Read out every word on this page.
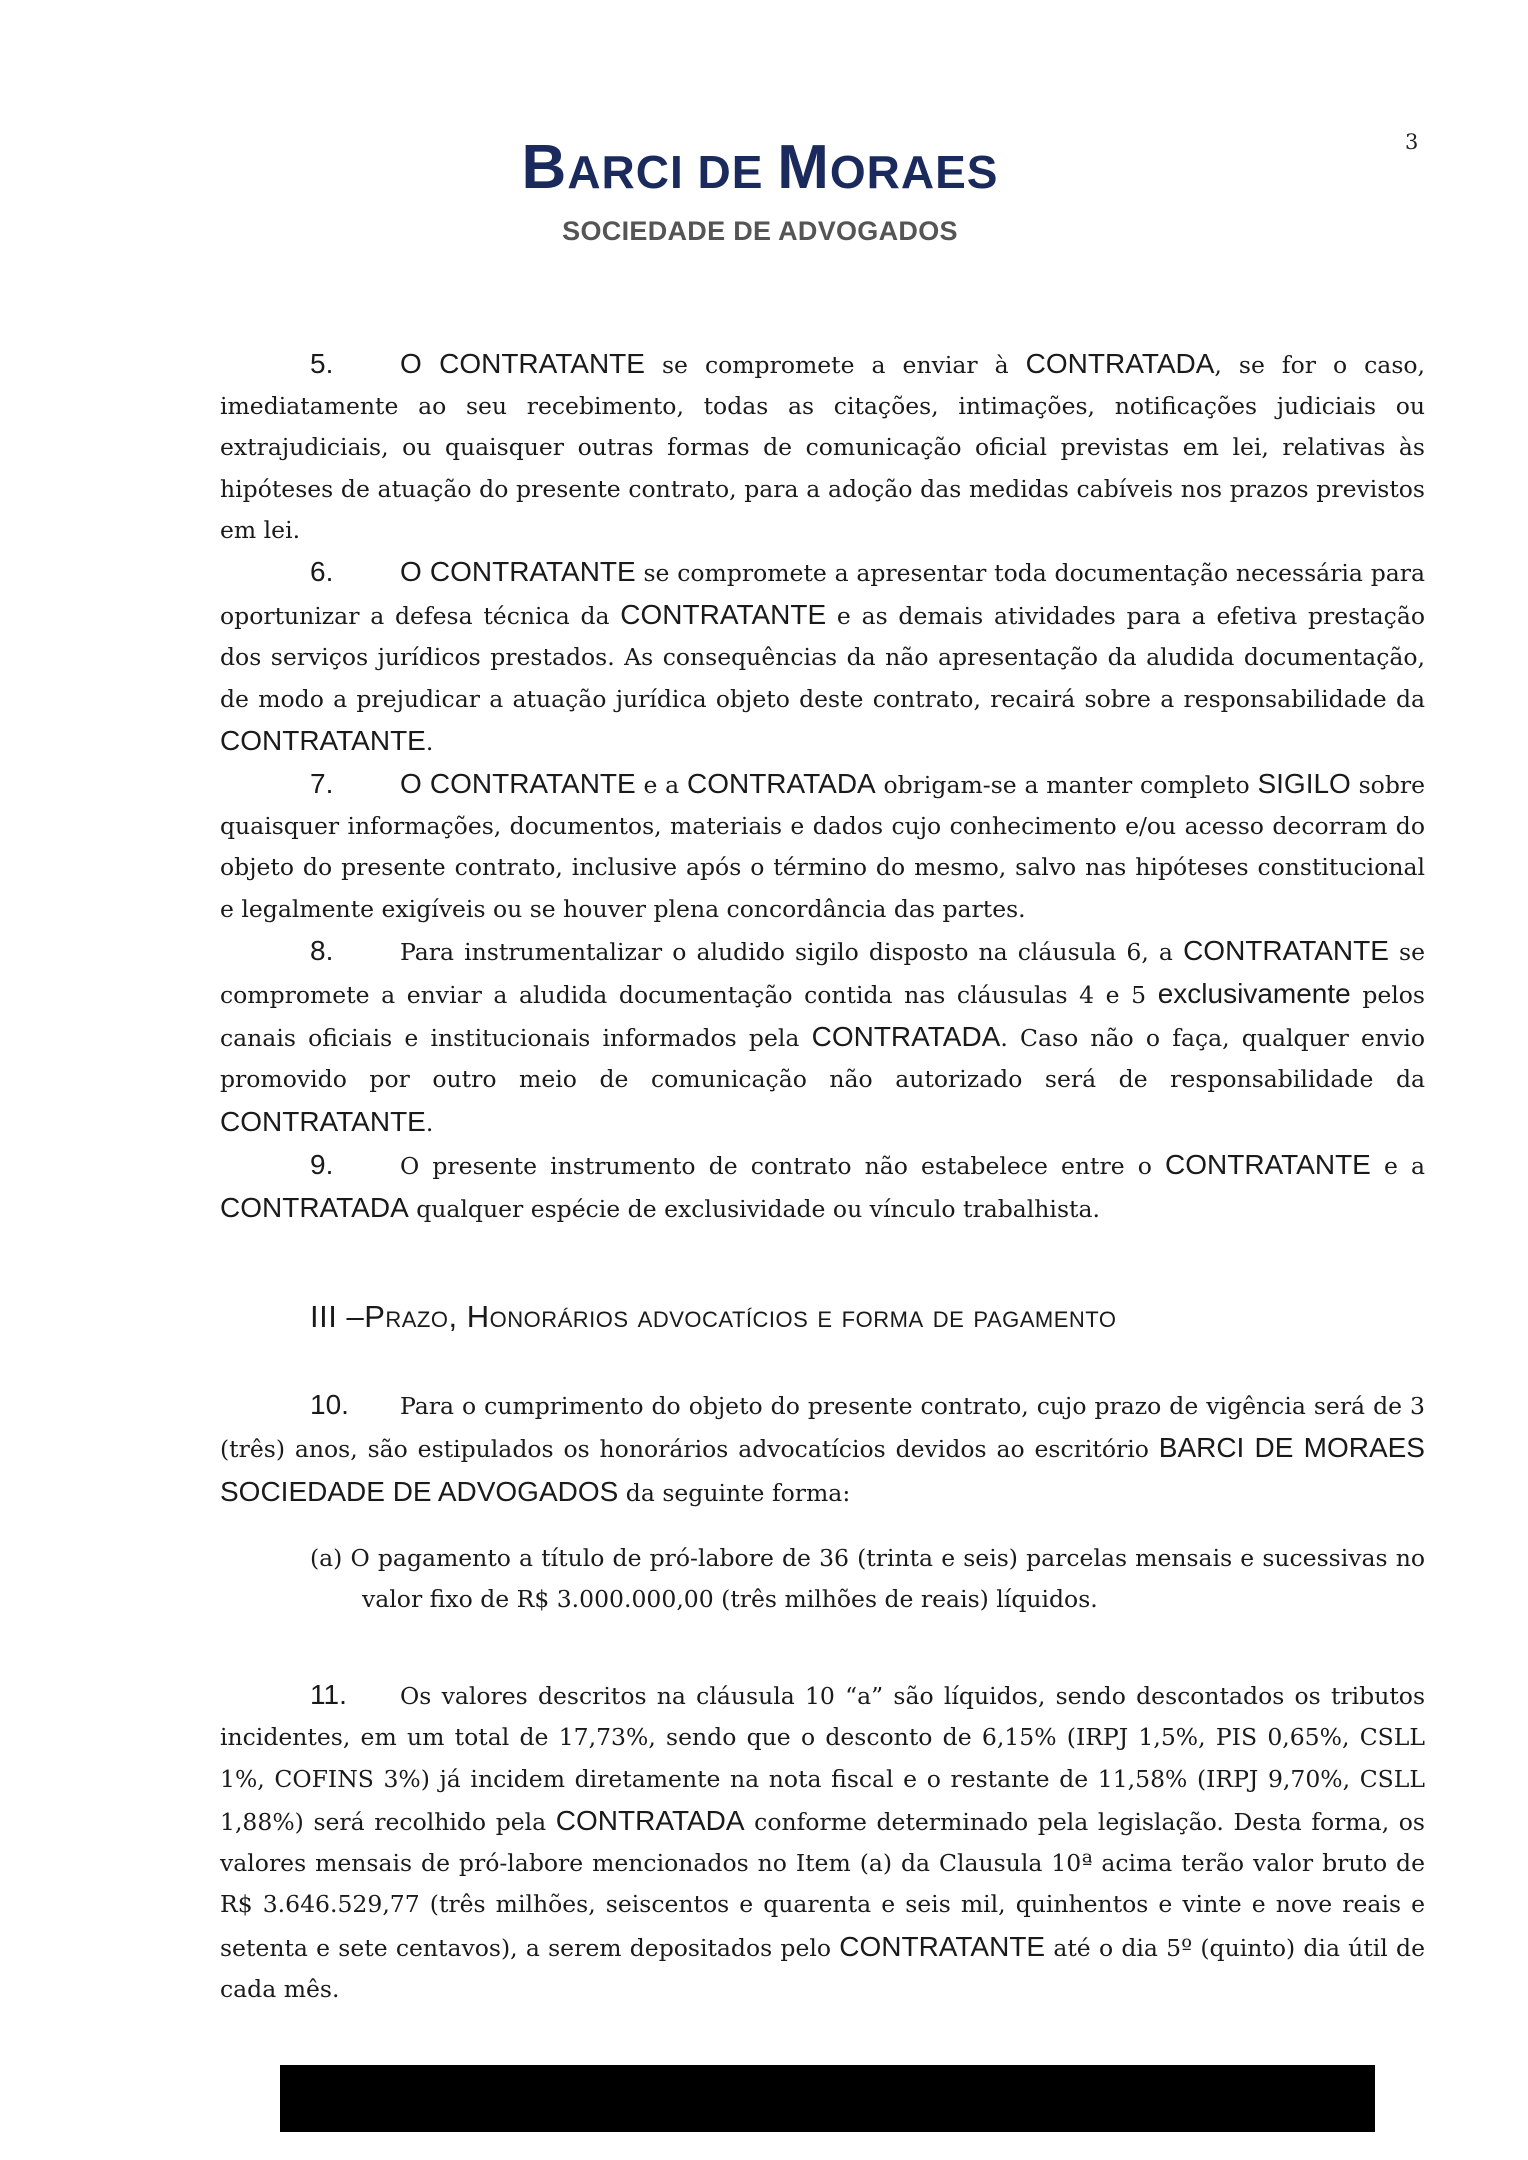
3
BARCI DE MORAES
SOCIEDADE DE ADVOGADOS

5. O CONTRATANTE se compromete a enviar à CONTRATADA, se for o caso, imediatamente ao seu recebimento, todas as citações, intimações, notificações judiciais ou extrajudiciais, ou quaisquer outras formas de comunicação oficial previstas em lei, relativas às hipóteses de atuação do presente contrato, para a adoção das medidas cabíveis nos prazos previstos em lei.

6. O CONTRATANTE se compromete a apresentar toda documentação necessária para oportunizar a defesa técnica da CONTRATANTE e as demais atividades para a efetiva prestação dos serviços jurídicos prestados. As consequências da não apresentação da aludida documentação, de modo a prejudicar a atuação jurídica objeto deste contrato, recairá sobre a responsabilidade da CONTRATANTE.

7. O CONTRATANTE e a CONTRATADA obrigam-se a manter completo SIGILO sobre quaisquer informações, documentos, materiais e dados cujo conhecimento e/ou acesso decorram do objeto do presente contrato, inclusive após o término do mesmo, salvo nas hipóteses constitucional e legalmente exigíveis ou se houver plena concordância das partes.

8.	Para instrumentalizar o aludido sigilo disposto na cláusula 6, a CONTRATANTE se compromete a enviar a aludida documentação contida nas cláusulas 4 e 5 exclusivamente pelos canais oficiais e institucionais informados pela CONTRATADA. Caso não o faça, qualquer envio promovido por outro meio de comunicação não autorizado será de responsabilidade da CONTRATANTE.

9.	O presente instrumento de contrato não estabelece entre o CONTRATANTE e a CONTRATADA qualquer espécie de exclusividade ou vínculo trabalhista.

III –Prazo, Honorários advocatícios e forma de pagamento

10. Para o cumprimento do objeto do presente contrato, cujo prazo de vigência será de 3 (três) anos, são estipulados os honorários advocatícios devidos ao escritório BARCI DE MORAES SOCIEDADE DE ADVOGADOS da seguinte forma:

(a) O pagamento a título de pró-labore de 36 (trinta e seis) parcelas mensais e sucessivas no valor fixo de R$ 3.000.000,00 (três milhões de reais) líquidos.

11. Os valores descritos na cláusula 10 “a” são líquidos, sendo descontados os tributos incidentes, em um total de 17,73%, sendo que o desconto de 6,15% (IRPJ 1,5%, PIS 0,65%, CSLL 1%, COFINS 3%) já incidem diretamente na nota fiscal e o restante de 11,58% (IRPJ 9,70%, CSLL 1,88%) será recolhido pela CONTRATADA conforme determinado pela legislação. Desta forma, os valores mensais de pró-labore mencionados no Item (a) da Clausula 10ª acima terão valor bruto de R$ 3.646.529,77 (três milhões, seiscentos e quarenta e seis mil, quinhentos e vinte e nove reais e setenta e sete centavos), a serem depositados pelo CONTRATANTE até o dia 5º (quinto) dia útil de cada mês.
